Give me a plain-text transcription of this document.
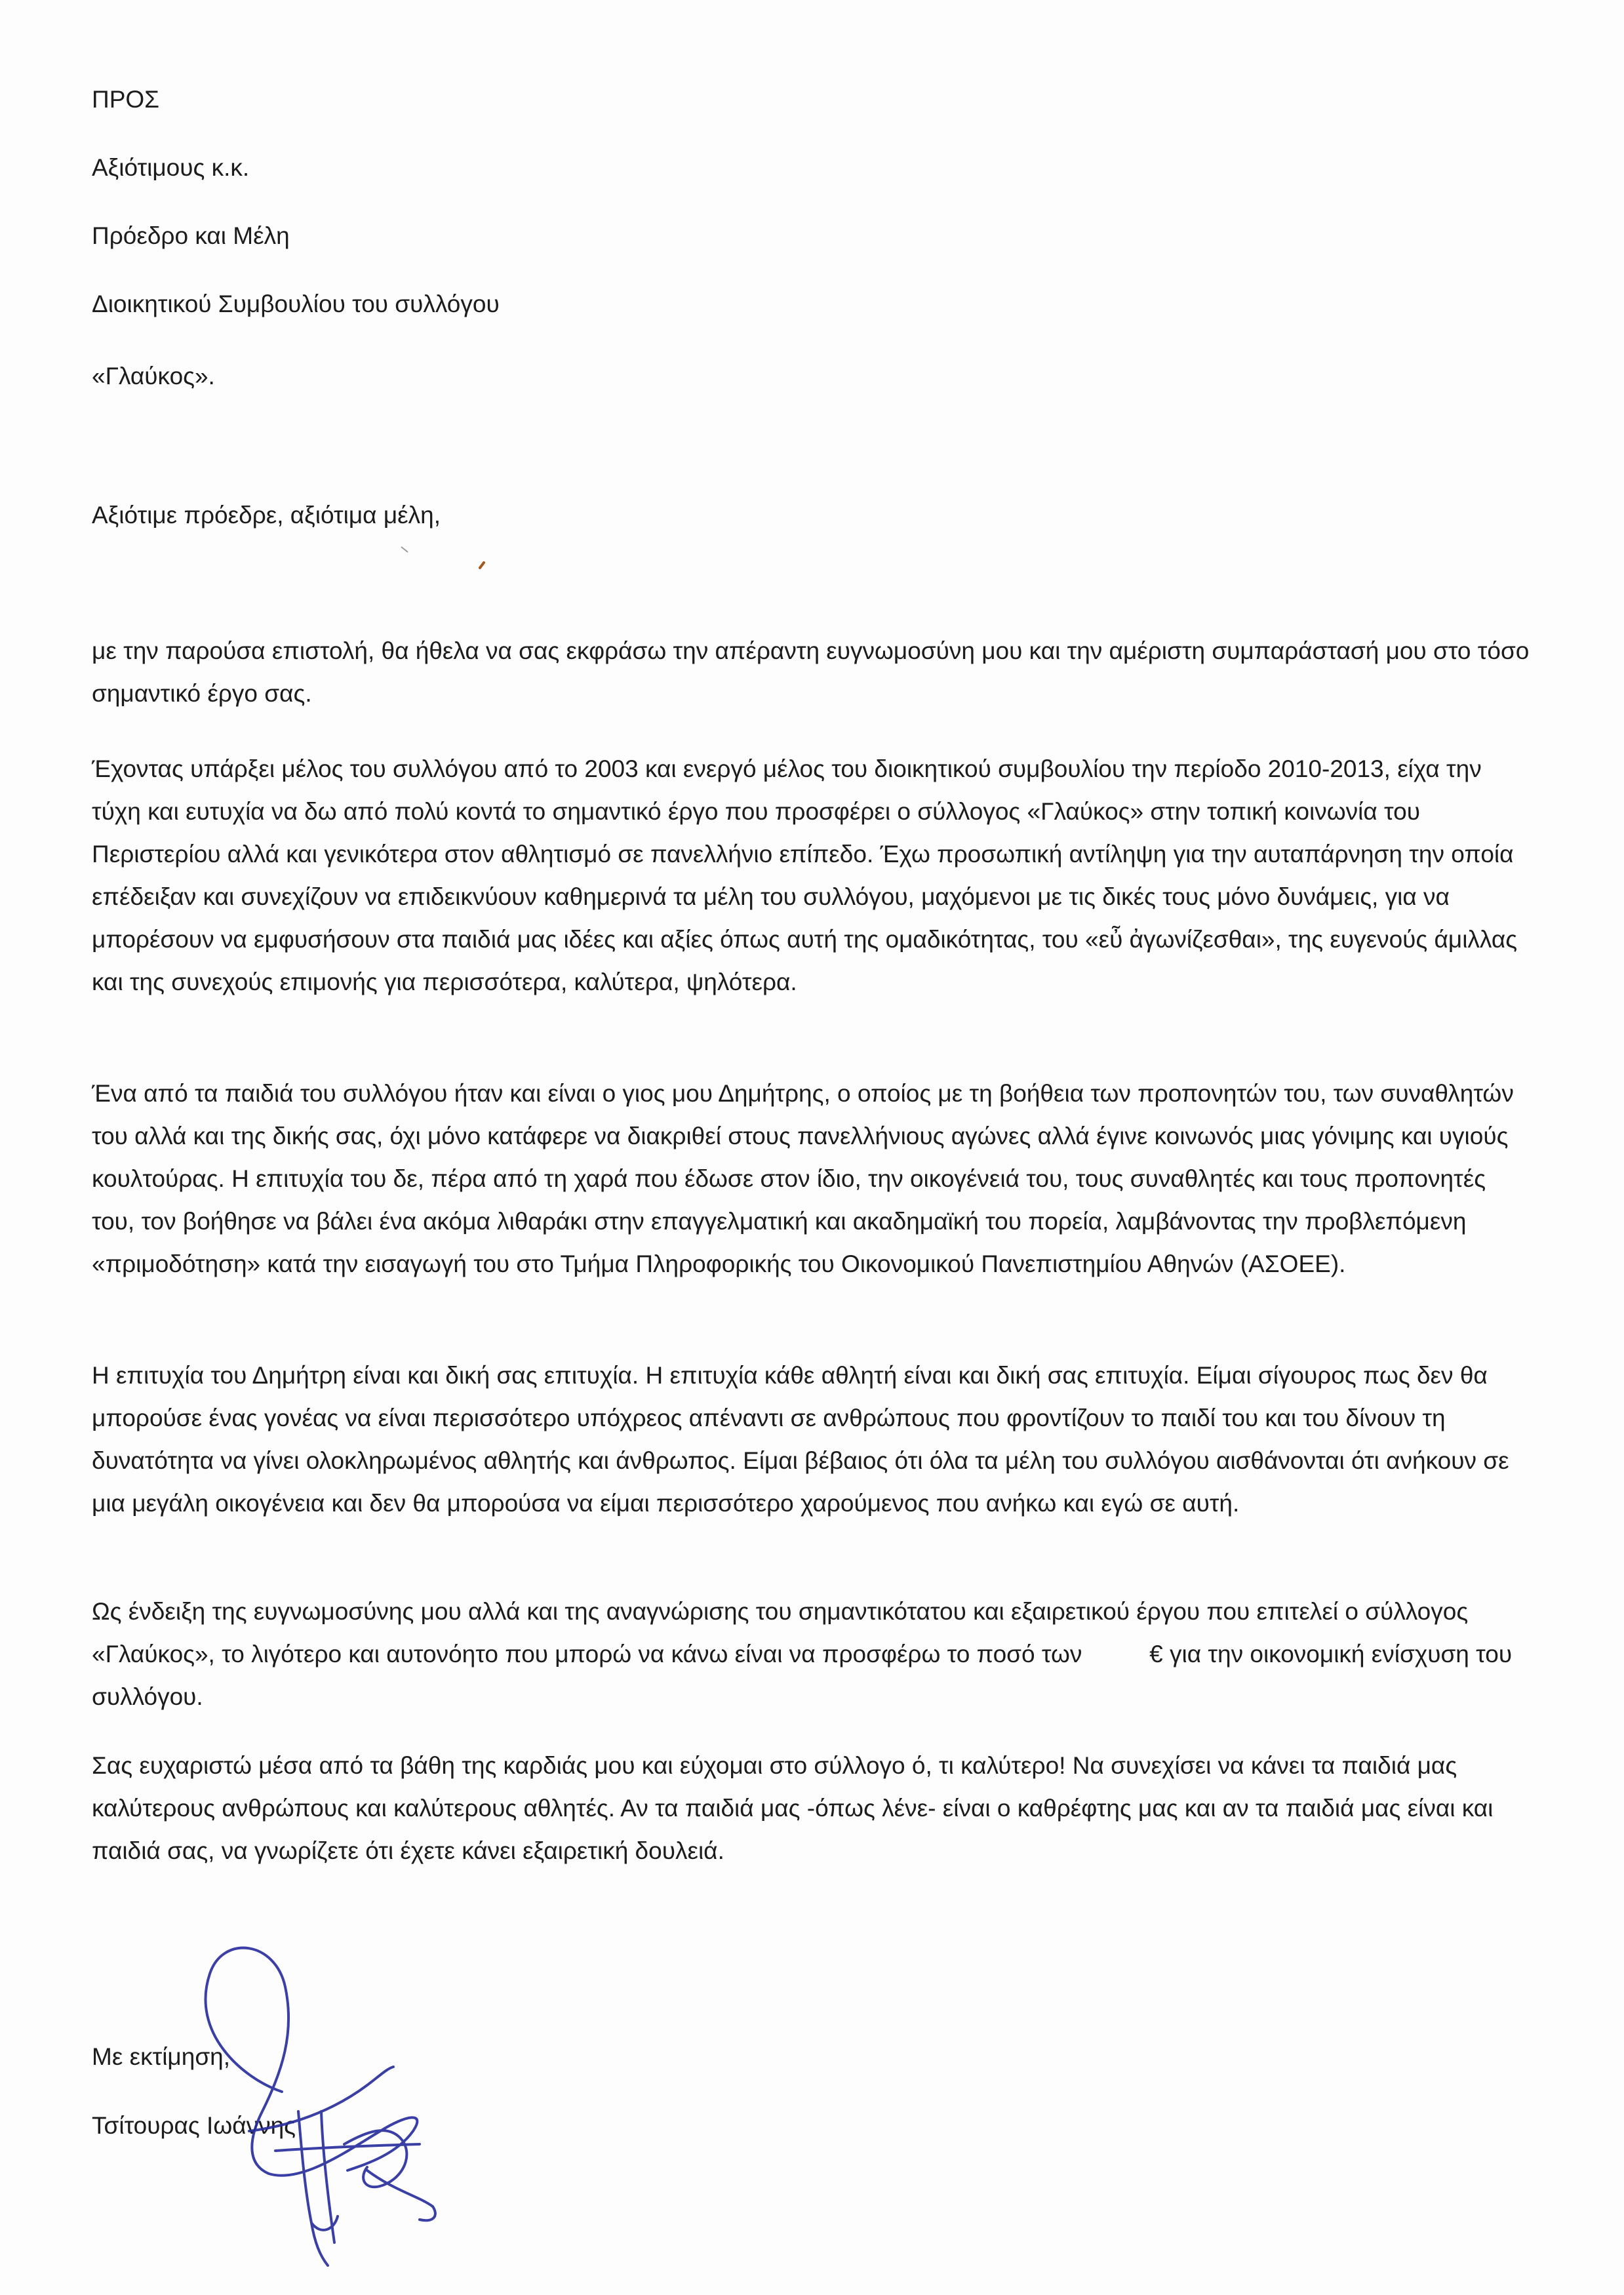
ΠΡΟΣ
Αξιότιμους κ.κ.
Πρόεδρο και Μέλη
Διοικητικού Συμβουλίου του συλλόγου
«Γλαύκος».
Αξιότιμε πρόεδρε, αξιότιμα μέλη,
με την παρούσα επιστολή, θα ήθελα να σας εκφράσω την απέραντη ευγνωμοσύνη μου και την αμέριστη συμπαράστασή μου στο τόσο σημαντικό έργο σας.
Έχοντας υπάρξει μέλος του συλλόγου από το 2003 και ενεργό μέλος του διοικητικού συμβουλίου την περίοδο 2010-2013, είχα την τύχη και ευτυχία να δω από πολύ κοντά το σημαντικό έργο που προσφέρει ο σύλλογος «Γλαύκος» στην τοπική κοινωνία του Περιστερίου αλλά και γενικότερα στον αθλητισμό σε πανελλήνιο επίπεδο. Έχω προσωπική αντίληψη για την αυταπάρνηση την οποία επέδειξαν και συνεχίζουν να επιδεικνύουν καθημερινά τα μέλη του συλλόγου, μαχόμενοι με τις δικές τους μόνο δυνάμεις, για να μπορέσουν να εμφυσήσουν στα παιδιά μας ιδέες και αξίες όπως αυτή της ομαδικότητας, του «εὖ ἀγωνίζεσθαι», της ευγενούς άμιλλας και της συνεχούς επιμονής για περισσότερα, καλύτερα, ψηλότερα.
Ένα από τα παιδιά του συλλόγου ήταν και είναι ο γιος μου Δημήτρης, ο οποίος με τη βοήθεια των προπονητών του, των συναθλητών του αλλά και της δικής σας, όχι μόνο κατάφερε να διακριθεί στους πανελλήνιους αγώνες αλλά έγινε κοινωνός μιας γόνιμης και υγιούς κουλτούρας. Η επιτυχία του δε, πέρα από τη χαρά που έδωσε στον ίδιο, την οικογένειά του, τους συναθλητές και τους προπονητές του, τον βοήθησε να βάλει ένα ακόμα λιθαράκι στην επαγγελματική και ακαδημαϊκή του πορεία, λαμβάνοντας την προβλεπόμενη «πριμοδότηση» κατά την εισαγωγή του στο Τμήμα Πληροφορικής του Οικονομικού Πανεπιστημίου Αθηνών (ΑΣΟΕΕ).
Η επιτυχία του Δημήτρη είναι και δική σας επιτυχία. Η επιτυχία κάθε αθλητή είναι και δική σας επιτυχία. Είμαι σίγουρος πως δεν θα μπορούσε ένας γονέας να είναι περισσότερο υπόχρεος απέναντι σε ανθρώπους που φροντίζουν το παιδί του και του δίνουν τη δυνατότητα να γίνει ολοκληρωμένος αθλητής και άνθρωπος. Είμαι βέβαιος ότι όλα τα μέλη του συλλόγου αισθάνονται ότι ανήκουν σε μια μεγάλη οικογένεια και δεν θα μπορούσα να είμαι περισσότερο χαρούμενος που ανήκω και εγώ σε αυτή.
Ως ένδειξη της ευγνωμοσύνης μου αλλά και της αναγνώρισης του σημαντικότατου και εξαιρετικού έργου που επιτελεί ο σύλλογος «Γλαύκος», το λιγότερο και αυτονόητο που μπορώ να κάνω είναι να προσφέρω το ποσό των          € για την οικονομική ενίσχυση του συλλόγου.
Σας ευχαριστώ μέσα από τα βάθη της καρδιάς μου και εύχομαι στο σύλλογο ό, τι καλύτερο! Να συνεχίσει να κάνει τα παιδιά μας καλύτερους ανθρώπους και καλύτερους αθλητές. Αν τα παιδιά μας -όπως λένε- είναι ο καθρέφτης μας και αν τα παιδιά μας είναι και παιδιά σας, να γνωρίζετε ότι έχετε κάνει εξαιρετική δουλειά.
Με εκτίμηση,
Τσίτουρας Ιωάννης
